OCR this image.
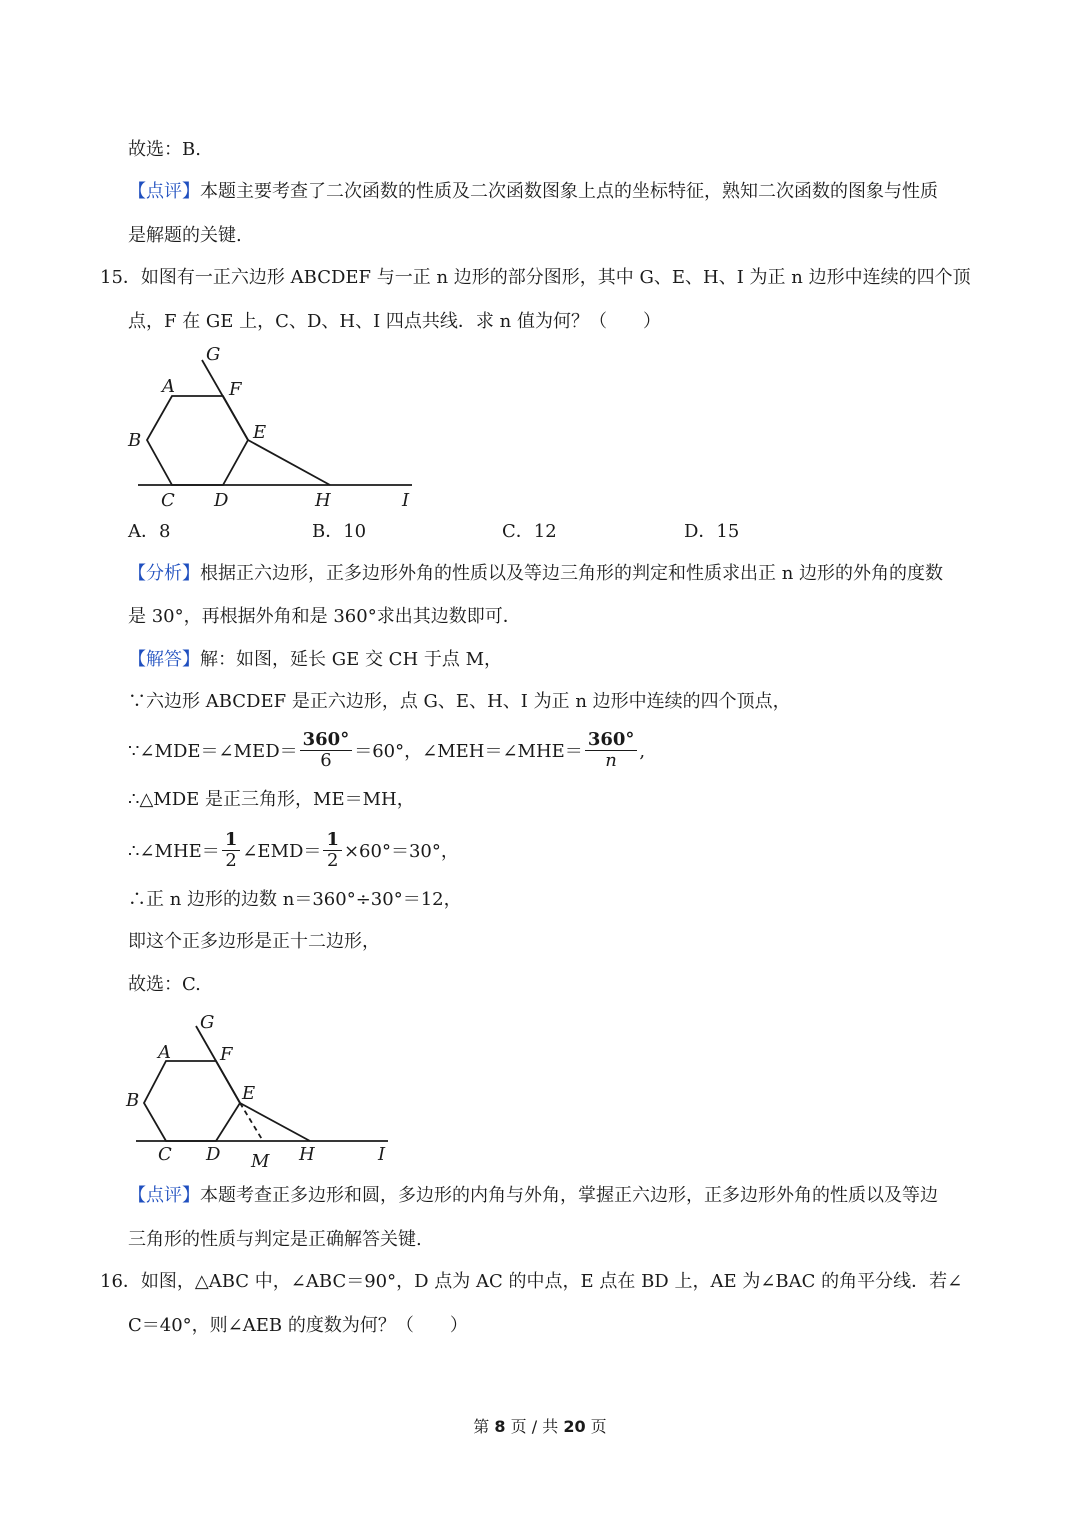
故选：B.
【点评】本题主要考查了二次函数的性质及二次函数图象上点的坐标特征，熟知二次函数的图象与性质
是解题的关键.
15．如图有一正六边形 ABCDEF 与一正 n 边形的部分图形，其中 G、E、H、I 为正 n 边形中连续的四个顶
点，F 在 GE 上，C、D、H、I 四点共线．求 n 值为何？（　　）
G
A	F
B	E
C D	H	I
A．8	B．10	C．12	D．15
【分析】根据正六边形，正多边形外角的性质以及等边三角形的判定和性质求出正 n 边形的外角的度数
是 30°，再根据外角和是 360°求出其边数即可．
【解答】解：如图，延长 GE 交 CH 于点 M，
∵六边形 ABCDEF 是正六边形，点 G、E、H、I 为正 n 边形中连续的四个顶点，
∵∠MDE＝∠MED＝ $\frac{360^\circ}{6} =60^\circ$，∠MEH＝∠MHE＝ $\frac{360^\circ}{n}$ ,
∴△MDE 是正三角形，ME＝MH，
∴∠MHE＝ $\frac{1}{2}$ ∠EMD＝ $\frac{1}{2} \times 60^\circ=30^\circ$，
∴正 n 边形的边数 n＝360°÷30°＝12，
即这个正多边形是正十二边形，
故选：C.
G
A	F
B	E
C D M H	I
【点评】本题考查正多边形和圆，多边形的内角与外角，掌握正六边形，正多边形外角的性质以及等边
三角形的性质与判定是正确解答关键.
16．如图，△ABC 中，∠ABC＝90°，D 点为 AC 的中点，E 点在 BD 上，AE 为∠BAC 的角平分线．若∠
C＝40°，则∠AEB 的度数为何？（　　）
第 8 页 / 共 20 页
